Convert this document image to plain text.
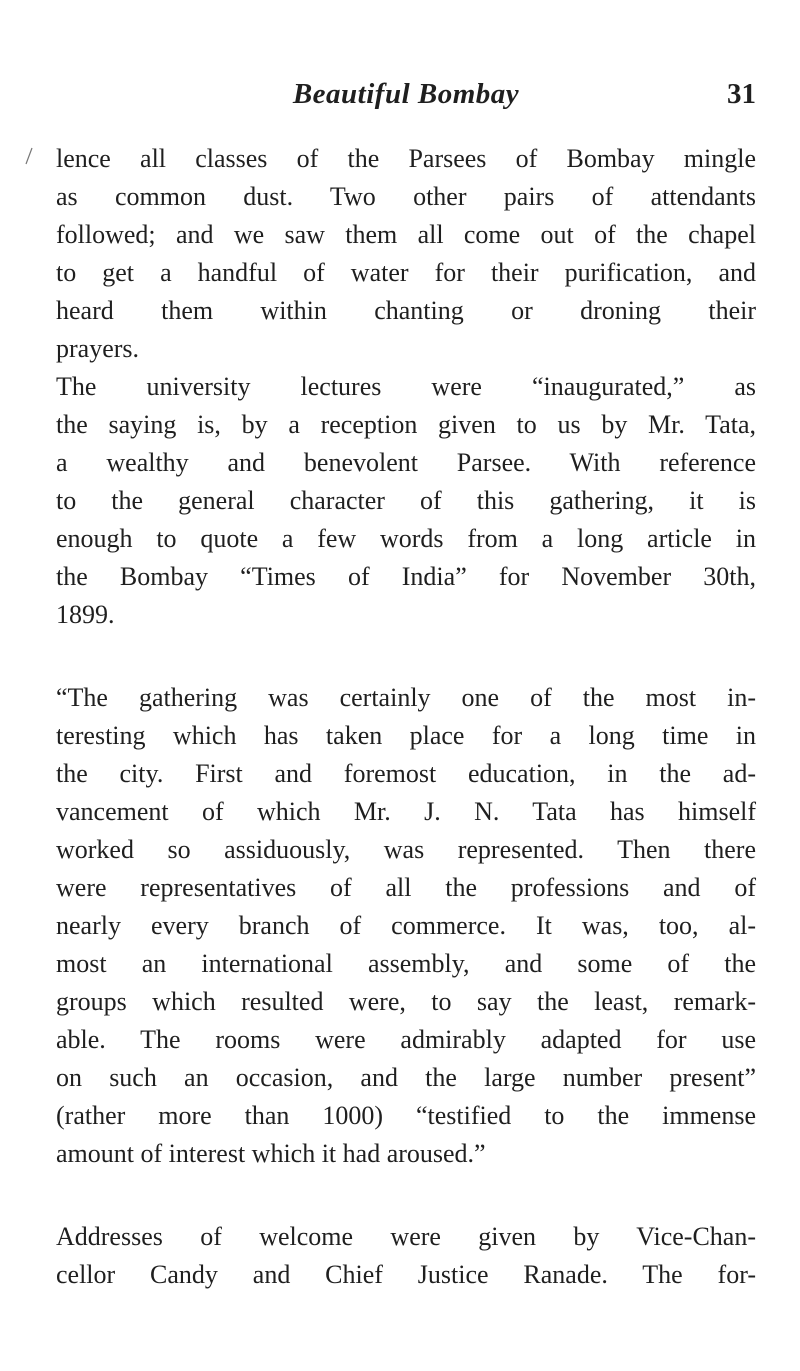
Beautiful Bombay	31
lence all classes of the Parsees of Bombay mingle
as common dust. Two other pairs of attendants
followed; and we saw them all come out of the chapel
to get a handful of water for their purification, and
heard them within chanting or droning their
prayers.
The university lectures were “inaugurated,” as
the saying is, by a reception given to us by Mr. Tata,
a wealthy and benevolent Parsee. With reference
to the general character of this gathering, it is
enough to quote a few words from a long article in
the Bombay “Times of India” for November 30th,
1899.
“The gathering was certainly one of the most in-
teresting which has taken place for a long time in
the city. First and foremost education, in the ad-
vancement of which Mr. J. N. Tata has himself
worked so assiduously, was represented. Then there
were representatives of all the professions and of
nearly every branch of commerce. It was, too, al-
most an international assembly, and some of the
groups which resulted were, to say the least, remark-
able. The rooms were admirably adapted for use
on such an occasion, and the large number present”
(rather more than 1000) “testified to the immense
amount of interest which it had aroused.”
Addresses of welcome were given by Vice-Chan-
cellor Candy and Chief Justice Ranade. The for-
